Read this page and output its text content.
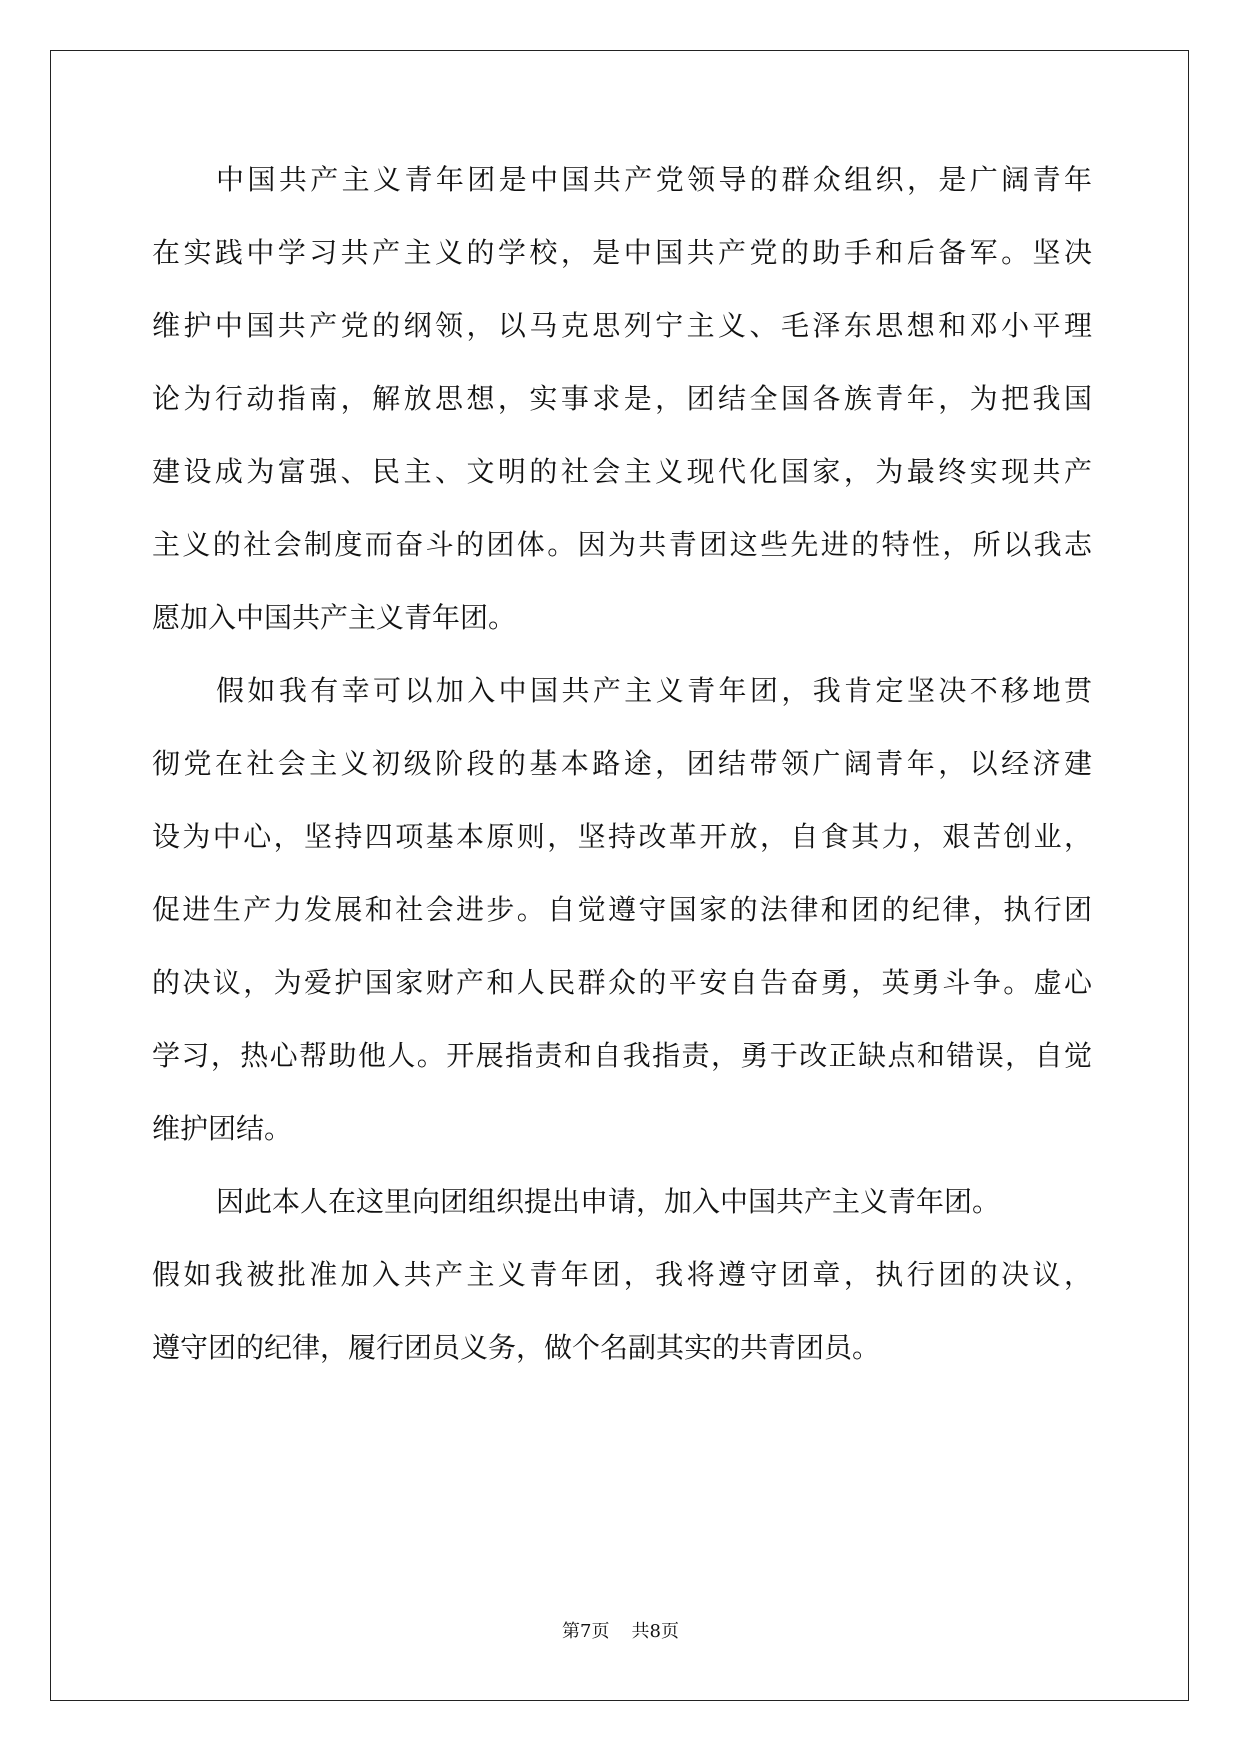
中国共产主义青年团是中国共产党领导的群众组织，是广阔青年
在实践中学习共产主义的学校，是中国共产党的助手和后备军。坚决
维护中国共产党的纲领，以马克思列宁主义、毛泽东思想和邓小平理
论为行动指南，解放思想，实事求是，团结全国各族青年，为把我国
建设成为富强、民主、文明的社会主义现代化国家，为最终实现共产
主义的社会制度而奋斗的团体。因为共青团这些先进的特性，所以我志
愿加入中国共产主义青年团。
假如我有幸可以加入中国共产主义青年团，我肯定坚决不移地贯
彻党在社会主义初级阶段的基本路途，团结带领广阔青年，以经济建
设为中心，坚持四项基本原则，坚持改革开放，自食其力，艰苦创业，
促进生产力发展和社会进步。自觉遵守国家的法律和团的纪律，执行团
的决议，为爱护国家财产和人民群众的平安自告奋勇，英勇斗争。虚心
学习，热心帮助他人。开展指责和自我指责，勇于改正缺点和错误，自觉
维护团结。
因此本人在这里向团组织提出申请，加入中国共产主义青年团。
假如我被批准加入共产主义青年团，我将遵守团章，执行团的决议，
遵守团的纪律，履行团员义务，做个名副其实的共青团员。
第7页 共8页
